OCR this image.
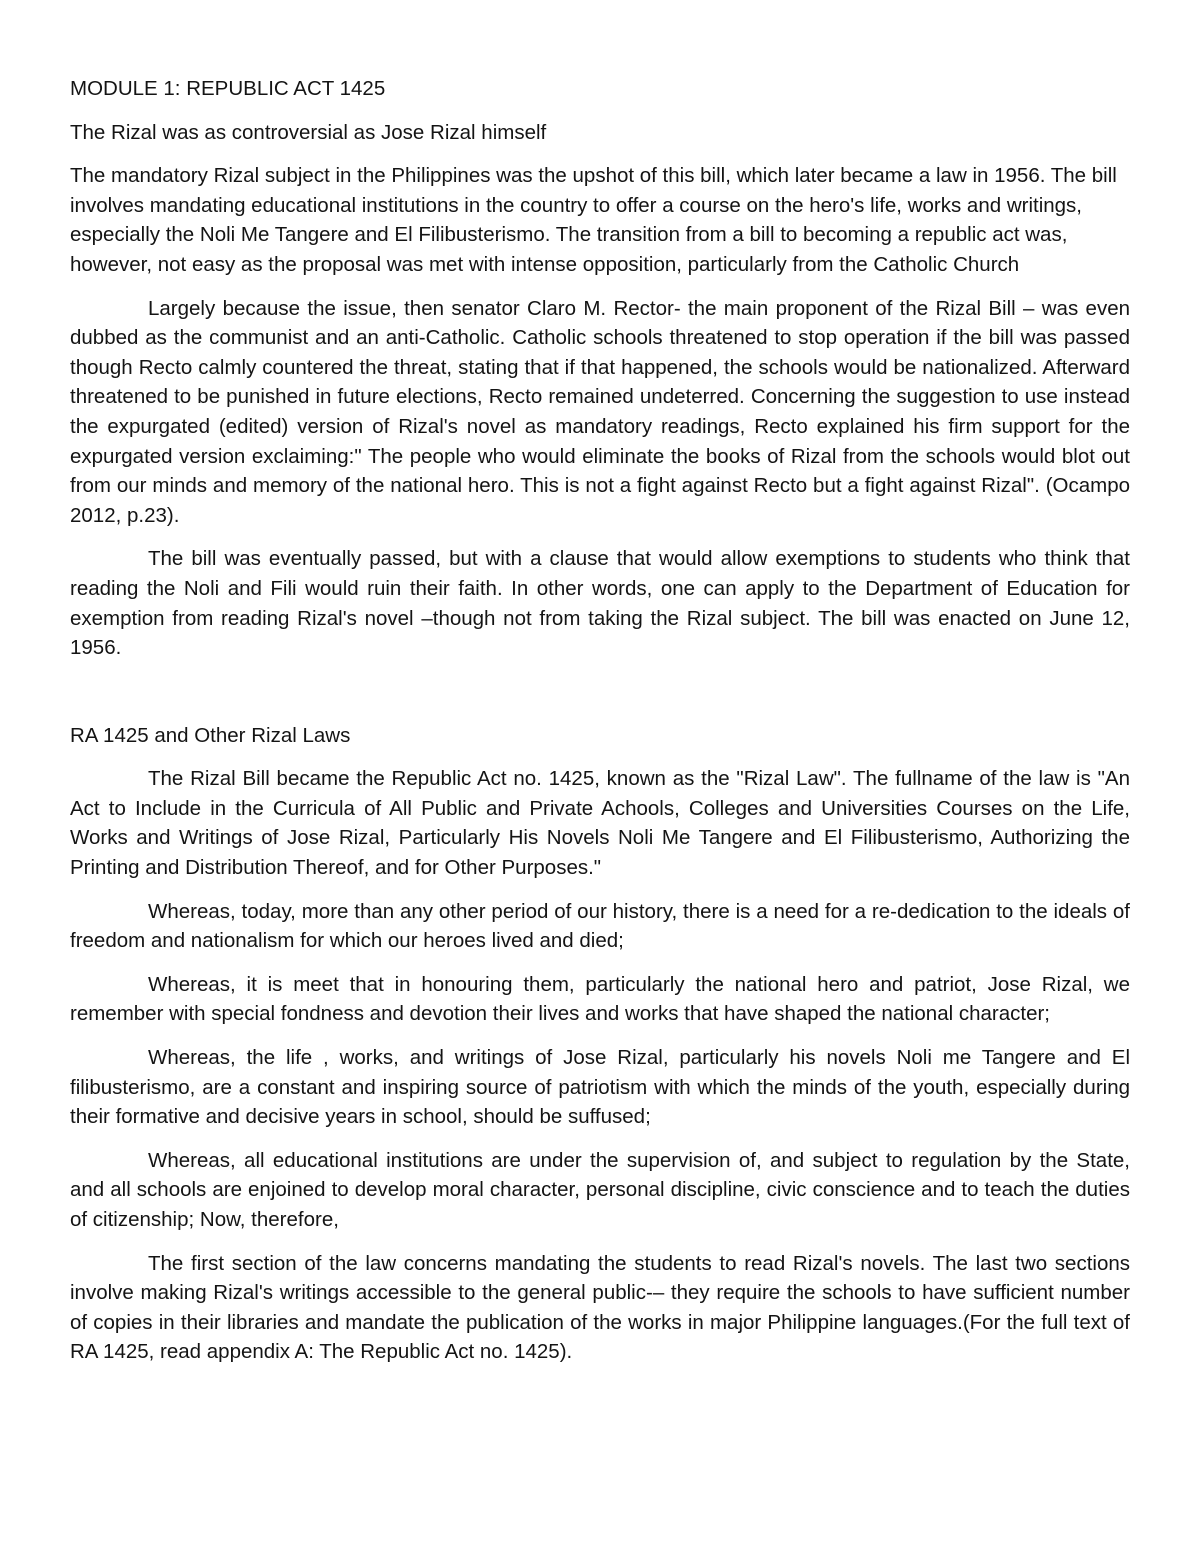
MODULE 1: REPUBLIC ACT 1425
The Rizal was as controversial as Jose Rizal himself

The mandatory Rizal subject in the Philippines was the upshot of this bill, which later became a law in 1956. The bill involves mandating educational institutions in the country to offer a course on the hero's life, works and writings, especially the Noli Me Tangere and El Filibusterismo. The transition from a bill to becoming a republic act was, however, not easy as the proposal was met with intense opposition, particularly from the Catholic Church

Largely because the issue, then senator Claro M. Rector- the main proponent of the Rizal Bill – was even dubbed as the communist and an anti-Catholic. Catholic schools threatened to stop operation if the bill was passed though Recto calmly countered the threat, stating that if that happened, the schools would be nationalized. Afterward threatened to be punished in future elections, Recto remained undeterred. Concerning the suggestion to use instead the expurgated (edited) version of Rizal's novel as mandatory readings, Recto explained his firm support for the expurgated version exclaiming:" The people who would eliminate the books of Rizal from the schools would blot out from our minds and memory of the national hero. This is not a fight against Recto but a fight against Rizal". (Ocampo 2012, p.23).

The bill was eventually passed, but with a clause that would allow exemptions to students who think that reading the Noli and Fili would ruin their faith. In other words, one can apply to the Department of Education for exemption from reading Rizal's novel –though not from taking the Rizal subject. The bill was enacted on June 12, 1956.

RA 1425 and Other Rizal Laws

The Rizal Bill became the Republic Act no. 1425, known as the "Rizal Law". The fullname of the law is "An Act to Include in the Curricula of All Public and Private Achools, Colleges and Universities Courses on the Life, Works and Writings of Jose Rizal, Particularly His Novels Noli Me Tangere and El Filibusterismo, Authorizing the Printing and Distribution Thereof, and for Other Purposes."

Whereas, today, more than any other period of our history, there is a need for a re-dedication to the ideals of freedom and nationalism for which our heroes lived and died;

Whereas, it is meet that in honouring them, particularly the national hero and patriot, Jose Rizal, we remember with special fondness and devotion their lives and works that have shaped the national character;

Whereas, the life , works, and writings of Jose Rizal, particularly his novels Noli me Tangere and El filibusterismo, are a constant and inspiring source of patriotism with which the minds of the youth, especially during their formative and decisive years in school, should be suffused;

Whereas, all educational institutions are under the supervision of, and subject to regulation by the State, and all schools are enjoined to develop moral character, personal discipline, civic conscience and to teach the duties of citizenship; Now, therefore,

The first section of the law concerns mandating the students to read Rizal's novels. The last two sections involve making Rizal's writings accessible to the general public-– they require the schools to have sufficient number of copies in their libraries and mandate the publication of the works in major Philippine languages.(For the full text of RA 1425, read appendix A: The Republic Act no. 1425).
